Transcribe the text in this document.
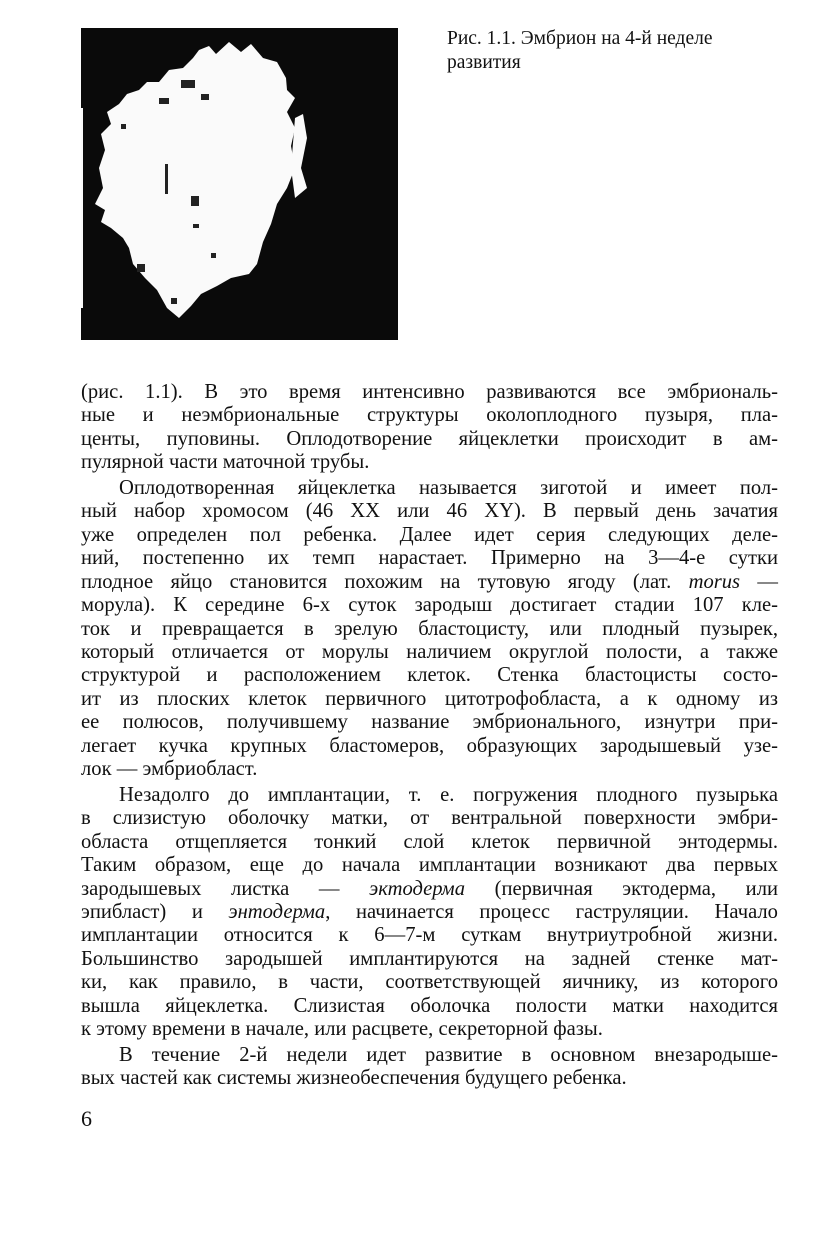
Рис. 1.1. Эмбрион на 4-й неделе
развития
(рис. 1.1). В это время интенсивно развиваются все эмбриональ-
ные и неэмбриональные структуры околоплодного пузыря, пла-
центы, пуповины. Оплодотворение яйцеклетки происходит в ам-
пулярной части маточной трубы.
Оплодотворенная яйцеклетка называется зиготой и имеет пол-
ный набор хромосом (46 XX или 46 XY). В первый день зачатия
уже определен пол ребенка. Далее идет серия следующих деле-
ний, постепенно их темп нарастает. Примерно на 3—4-е сутки
плодное яйцо становится похожим на тутовую ягоду (лат. morus —
морула). К середине 6-х суток зародыш достигает стадии 107 кле-
ток и превращается в зрелую бластоцисту, или плодный пузырек,
который отличается от морулы наличием округлой полости, а также
структурой и расположением клеток. Стенка бластоцисты состо-
ит из плоских клеток первичного цитотрофобласта, а к одному из
ее полюсов, получившему название эмбрионального, изнутри при-
легает кучка крупных бластомеров, образующих зародышевый узе-
лок — эмбриобласт.
Незадолго до имплантации, т. е. погружения плодного пузырька
в слизистую оболочку матки, от вентральной поверхности эмбри-
областа отщепляется тонкий слой клеток первичной энтодермы.
Таким образом, еще до начала имплантации возникают два первых
зародышевых листка — эктодерма (первичная эктодерма, или
эпибласт) и энтодерма, начинается процесс гаструляции. Начало
имплантации относится к 6—7-м суткам внутриутробной жизни.
Большинство зародышей имплантируются на задней стенке мат-
ки, как правило, в части, соответствующей яичнику, из которого
вышла яйцеклетка. Слизистая оболочка полости матки находится
к этому времени в начале, или расцвете, секреторной фазы.
В течение 2-й недели идет развитие в основном внезародыше-
вых частей как системы жизнеобеспечения будущего ребенка.
6
